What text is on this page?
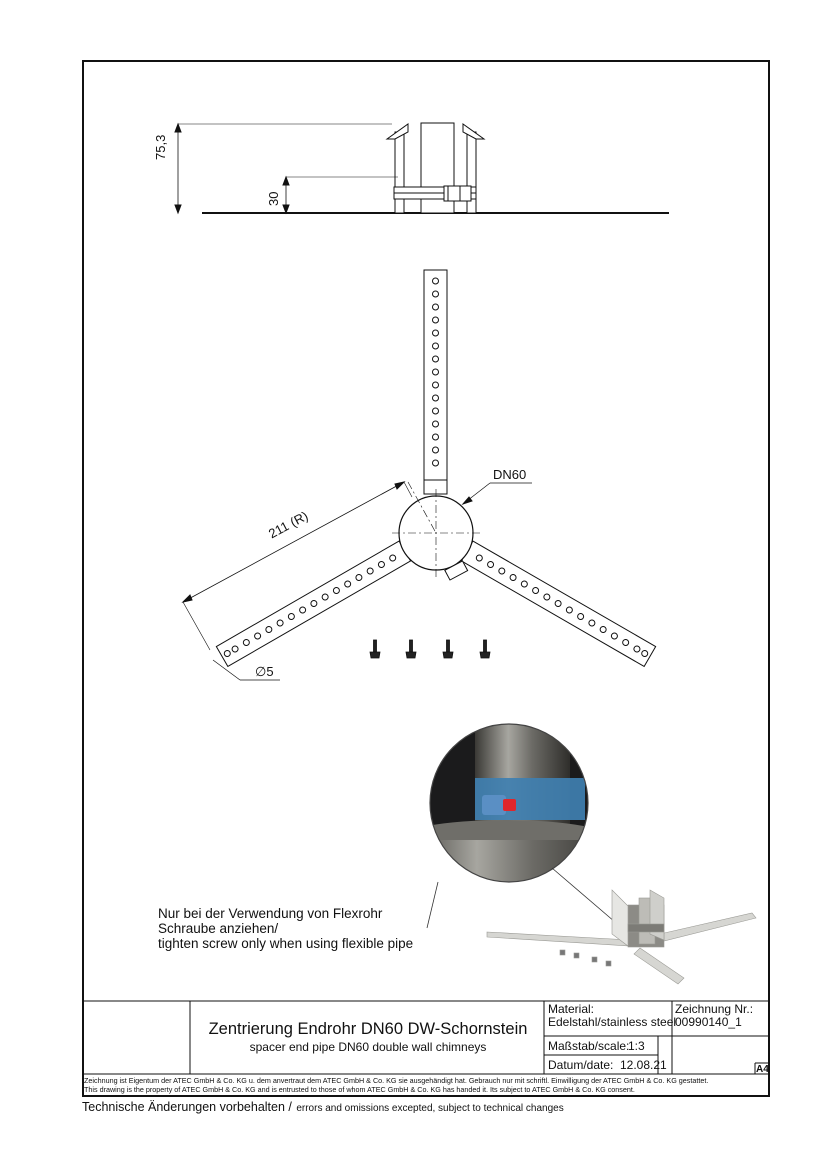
75,3
30
211 (R)
DN60
∅5
Nur bei der Verwendung von Flexrohr
Schraube anziehen/
tighten screw only when using flexible pipe
Zentrierung Endrohr DN60 DW-Schornstein
spacer end pipe DN60 double wall chimneys
Material:
Edelstahl/stainless steel
Zeichnung Nr.:
00990140_1
Maßstab/scale:
1:3
Datum/date: 12.08.21	A4
Zeichnung ist Eigentum der ATEC GmbH & Co. KG u. dem anvertraut dem ATEC GmbH & Co. KG sie ausgehändigt hat. Gebrauch nur mit schriftl. Einwilligung der ATEC GmbH & Co. KG gestattet.
This drawing is the property of ATEC GmbH & Co. KG and is entrusted to those of whom ATEC GmbH & Co. KG has handed it. Its subject to ATEC GmbH & Co. KG consent.
Technische Änderungen vorbehalten / errors and omissions excepted, subject to technical changes
